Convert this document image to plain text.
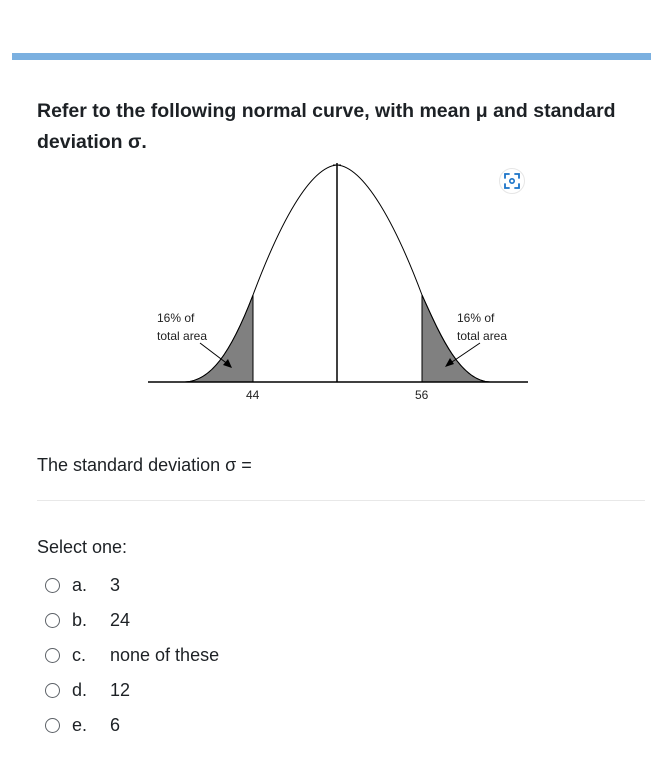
Refer to the following normal curve, with mean μ and standard deviation σ.
16% of
total area
16% of
total area
44	56
The standard deviation σ =
Select one:
a.	3
b.	24
c.	none of these
d.	12
e.	6
